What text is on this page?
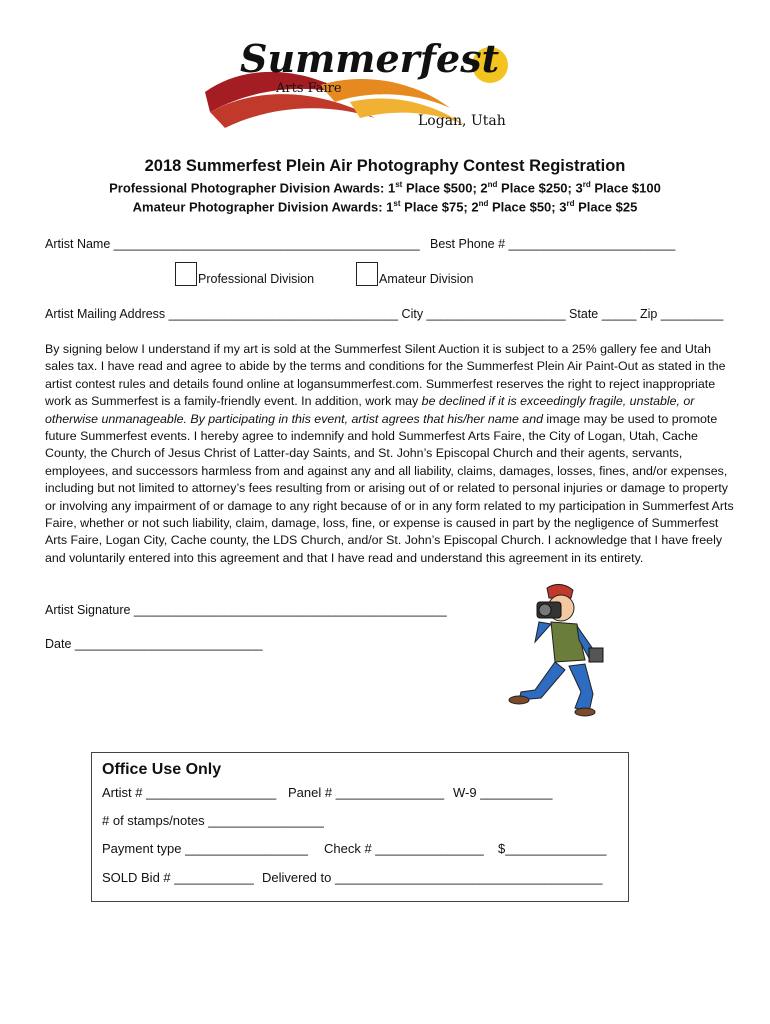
Summerfest
Arts Faire
Logan, Utah
2018 Summerfest Plein Air Photography Contest Registration
Professional Photographer Division Awards: 1st Place $500; 2nd Place $250; 3rd Place $100
Amateur Photographer Division Awards: 1st Place $75; 2nd Place $50; 3rd Place $25
Artist Name ____________________________________________ Best Phone # ________________________
Professional Division	Amateur Division
Artist Mailing Address _________________________________ City ____________________ State _____ Zip _________
By signing below I understand if my art is sold at the Summerfest Silent Auction it is subject to a 25% gallery fee and Utah sales tax. I have read and agree to abide by the terms and conditions for the Summerfest Plein Air Paint-Out as stated in the artist contest rules and details found online at logansummerfest.com. Summerfest reserves the right to reject inappropriate work as Summerfest is a family-friendly event. In addition, work may be declined if it is exceedingly fragile, unstable, or otherwise unmanageable. By participating in this event, artist agrees that his/her name and image may be used to promote future Summerfest events. I hereby agree to indemnify and hold Summerfest Arts Faire, the City of Logan, Utah, Cache County, the Church of Jesus Christ of Latter-day Saints, and St. John’s Episcopal Church and their agents, servants, employees, and successors harmless from and against any and all liability, claims, damages, losses, fines, and/or expenses, including but not limited to attorney’s fees resulting from or arising out of or related to personal injuries or damage to property or involving any impairment of or damage to any right because of or in any form related to my participation in Summerfest Arts Faire, whether or not such liability, claim, damage, loss, fine, or expense is caused in part by the negligence of Summerfest Arts Faire, Logan City, Cache county, the LDS Church, and/or St. John’s Episcopal Church. I acknowledge that I have freely and voluntarily entered into this agreement and that I have read and understand this agreement in its entirety.
Artist Signature _____________________________________________
Date ___________________________
Office Use Only
Artist # __________________ Panel # _______________ W-9 __________
# of stamps/notes ________________
Payment type _________________ Check # _______________ $______________
SOLD Bid # ___________ Delivered to _____________________________________
